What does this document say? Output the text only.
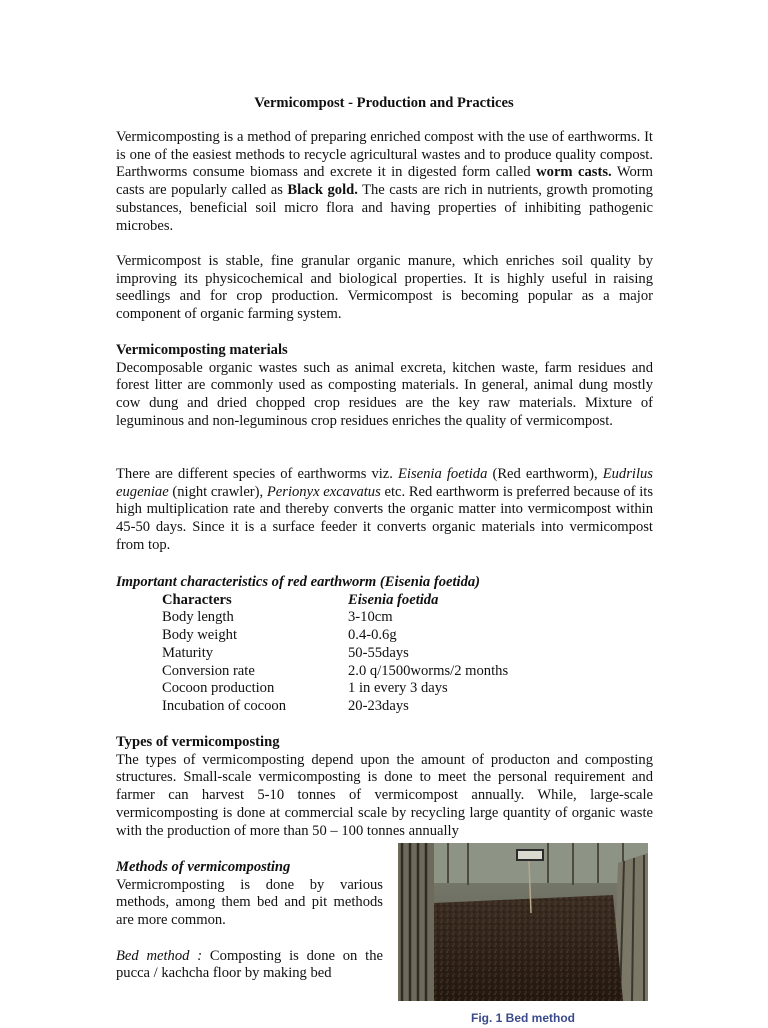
Vermicompost - Production and Practices
Vermicomposting is a method of preparing enriched compost with the use of earthworms. It is one of the easiest methods to recycle agricultural wastes and to produce quality compost. Earthworms consume biomass and excrete it in digested form called worm casts. Worm casts are popularly called as Black gold. The casts are rich in nutrients, growth promoting substances, beneficial soil micro flora and having properties of inhibiting pathogenic microbes.
Vermicompost is stable, fine granular organic manure, which enriches soil quality by improving its physicochemical and biological properties. It is highly useful in raising seedlings and for crop production. Vermicompost is becoming popular as a major component of organic farming system.

Vermicomposting materials

Decomposable organic wastes such as animal excreta, kitchen waste, farm residues and forest litter are commonly used as composting materials. In general, animal dung mostly cow dung and dried chopped crop residues are the key raw materials. Mixture of leguminous and non-leguminous crop residues enriches the quality of vermicompost.

There are different species of earthworms viz. Eisenia foetida (Red earthworm), Eudrilus eugeniae (night crawler), Perionyx excavatus etc. Red earthworm is preferred because of its high multiplication rate and thereby converts the organic matter into vermicompost within 45-50 days. Since it is a surface feeder it converts organic materials into vermicompost from top.

Important characteristics of red earthworm (Eisenia foetida)

Characters	Eisenia foetida
Body length	3-10cm
Body weight	0.4-0.6g
Maturity	50-55days
Conversion rate	2.0 q/1500worms/2 months
Cocoon production	1 in every 3 days
Incubation of cocoon	20-23days

Types of vermicomposting

The types of vermicomposting depend upon the amount of producton and composting structures. Small-scale vermicomposting is done to meet the personal requirement and farmer can harvest 5-10 tonnes of vermicompost annually. While, large-scale vermicomposting is done at commercial scale by recycling large quantity of organic waste with the production of more than 50 – 100 tonnes annually

Methods of vermicomposting

Vermicromposting is done by various methods, among them bed and pit methods are more common.

Bed method : Composting is done on the pucca / kachcha floor by making bed

Fig. 1 Bed method
